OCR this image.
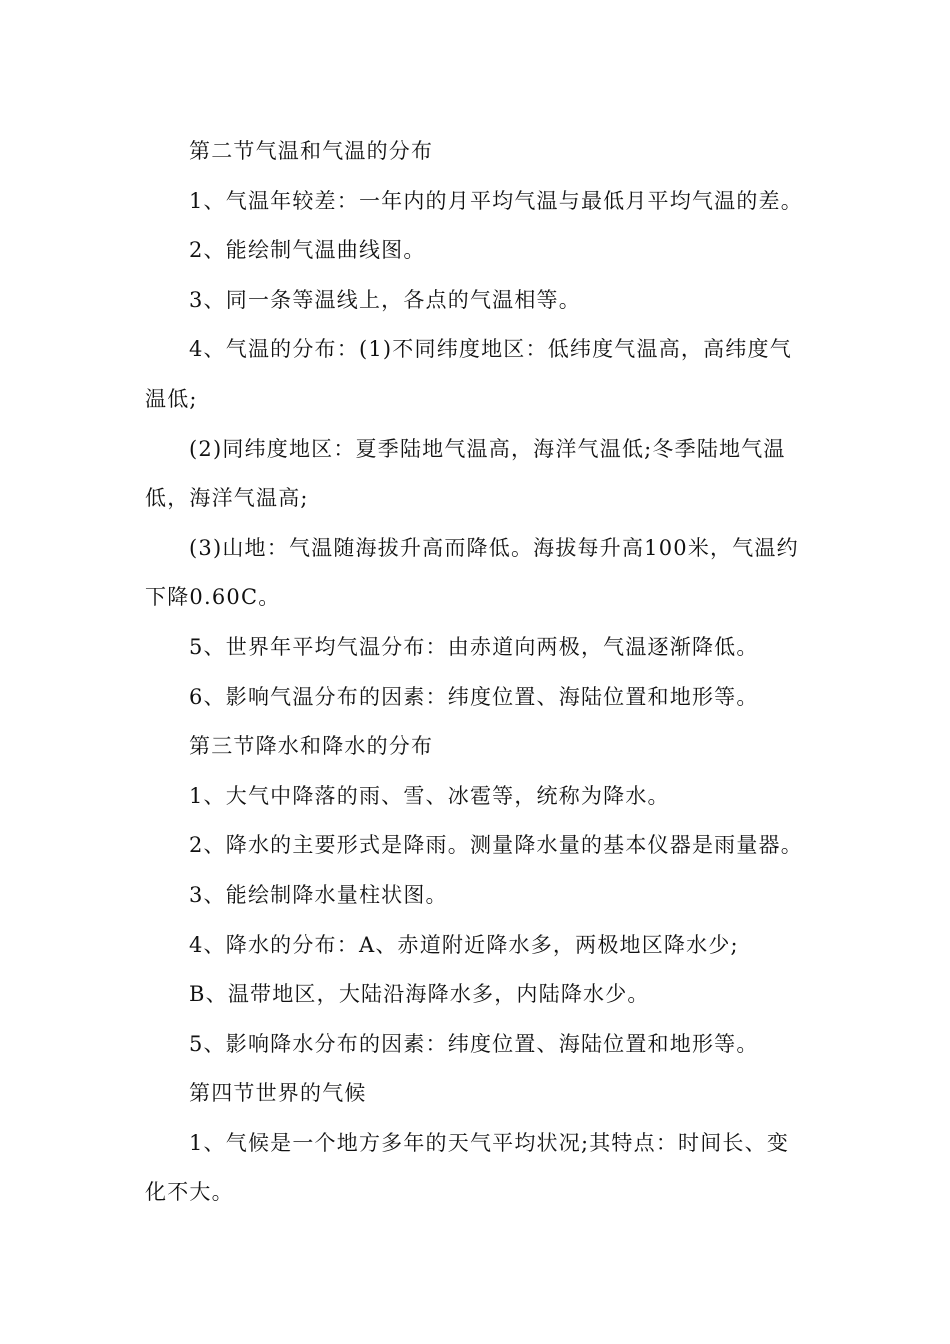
第二节气温和气温的分布

1、气温年较差：一年内的月平均气温与最低月平均气温的差。

2、能绘制气温曲线图。

3、同一条等温线上，各点的气温相等。

4、气温的分布：(1)不同纬度地区：低纬度气温高，高纬度气温低;

(2)同纬度地区：夏季陆地气温高，海洋气温低;冬季陆地气温低，海洋气温高;

(3)山地：气温随海拔升高而降低。海拔每升高100米，气温约下降0.60C。

5、世界年平均气温分布：由赤道向两极，气温逐渐降低。

6、影响气温分布的因素：纬度位置、海陆位置和地形等。

第三节降水和降水的分布

1、大气中降落的雨、雪、冰雹等，统称为降水。

2、降水的主要形式是降雨。测量降水量的基本仪器是雨量器。

3、能绘制降水量柱状图。

4、降水的分布：A、赤道附近降水多，两极地区降水少;

B、温带地区，大陆沿海降水多，内陆降水少。

5、影响降水分布的因素：纬度位置、海陆位置和地形等。

第四节世界的气候

1、气候是一个地方多年的天气平均状况;其特点：时间长、变化不大。
